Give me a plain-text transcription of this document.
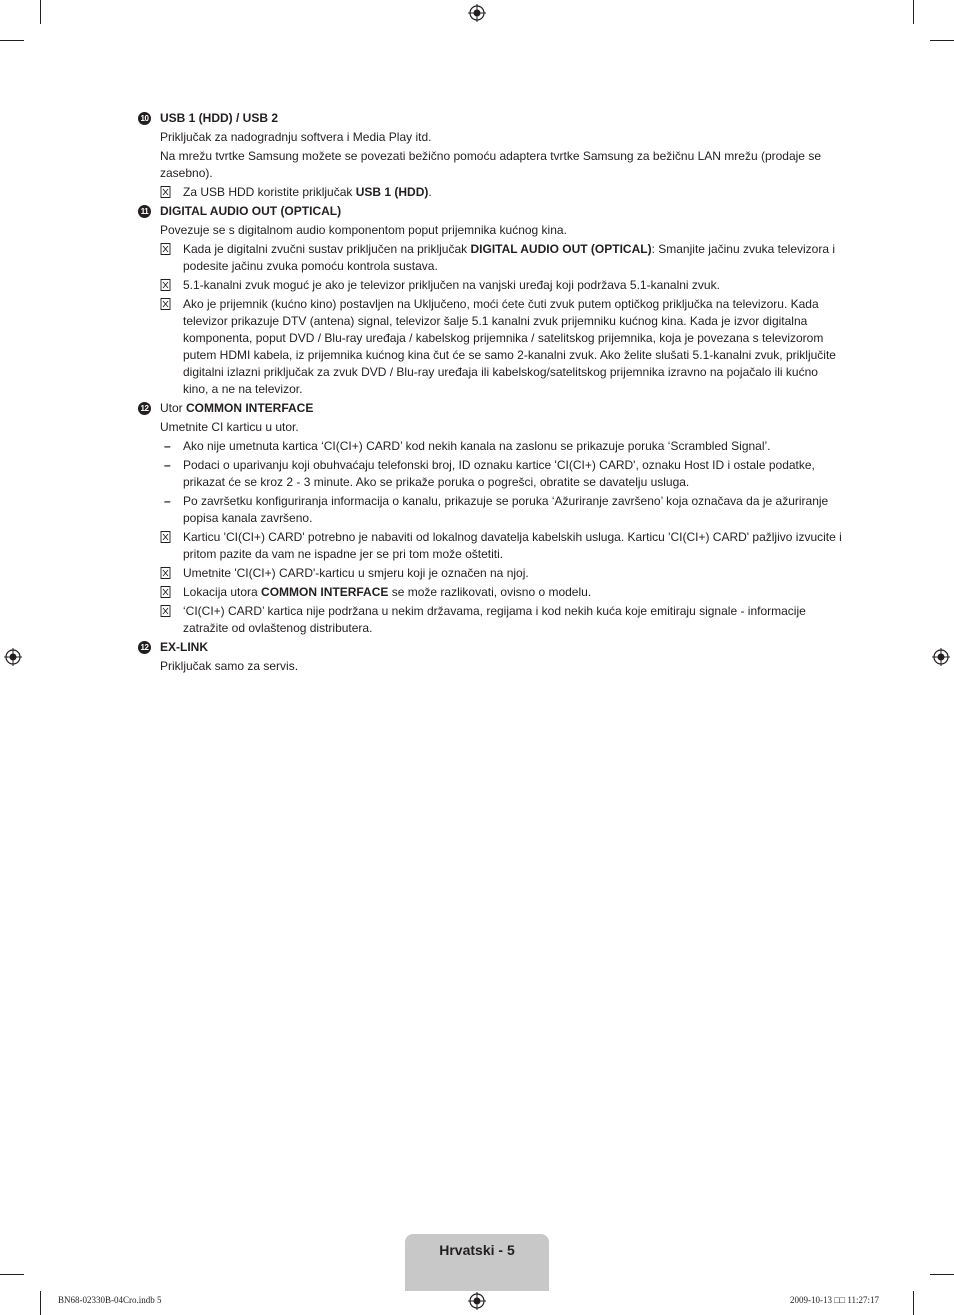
10 USB 1 (HDD) / USB 2
Priključak za nadogradnju softvera i Media Play itd.
Na mrežu tvrtke Samsung možete se povezati bežično pomoću adaptera tvrtke Samsung za bežičnu LAN mrežu (prodaje se zasebno).
Za USB HDD koristite priključak USB 1 (HDD).
11 DIGITAL AUDIO OUT (OPTICAL)
Povezuje se s digitalnom audio komponentom poput prijemnika kućnog kina.
Kada je digitalni zvučni sustav priključen na priključak DIGITAL AUDIO OUT (OPTICAL): Smanjite jačinu zvuka televizora i podesite jačinu zvuka pomoću kontrola sustava.
5.1-kanalni zvuk moguć je ako je televizor priključen na vanjski uređaj koji podržava 5.1-kanalni zvuk.
Ako je prijemnik (kućno kino) postavljen na Uključeno, moći ćete čuti zvuk putem optičkog priključka na televizoru. Kada televizor prikazuje DTV (antena) signal, televizor šalje 5.1 kanalni zvuk prijemniku kućnog kina. Kada je izvor digitalna komponenta, poput DVD / Blu-ray uređaja / kabelskog prijemnika / satelitskog prijemnika, koja je povezana s televizorom putem HDMI kabela, iz prijemnika kućnog kina čut će se samo 2-kanalni zvuk. Ako želite slušati 5.1-kanalni zvuk, priključite digitalni izlazni priključak za zvuk DVD / Blu-ray uređaja ili kabelskog/satelitskog prijemnika izravno na pojačalo ili kućno kino, a ne na televizor.
12 Utor COMMON INTERFACE
Umetnite CI karticu u utor.
– Ako nije umetnuta kartica ‘CI(CI+) CARD’ kod nekih kanala na zaslonu se prikazuje poruka ‘Scrambled Signal’.
– Podaci o uparivanju koji obuhvaćaju telefonski broj, ID oznaku kartice 'CI(CI+) CARD', oznaku Host ID i ostale podatke, prikazat će se kroz 2 - 3 minute. Ako se prikaže poruka o pogrešci, obratite se davatelju usluga.
– Po završetku konfiguriranja informacija o kanalu, prikazuje se poruka ‘Ažuriranje završeno’ koja označava da je ažuriranje popisa kanala završeno.
Karticu 'CI(CI+) CARD' potrebno je nabaviti od lokalnog davatelja kabelskih usluga. Karticu 'CI(CI+) CARD' pažljivo izvucite i pritom pazite da vam ne ispadne jer se pri tom može oštetiti.
Umetnite 'CI(CI+) CARD'-karticu u smjeru koji je označen na njoj.
Lokacija utora COMMON INTERFACE se može razlikovati, ovisno o modelu.
‘CI(CI+) CARD’ kartica nije podržana u nekim državama, regijama i kod nekih kuća koje emitiraju signale - informacije zatražite od ovlaštenog distributera.
12 EX-LINK
Priključak samo za servis.
Hrvatski - 5
BN68-02330B-04Cro.indb 5	2009-10-13 □□ 11:27:17
